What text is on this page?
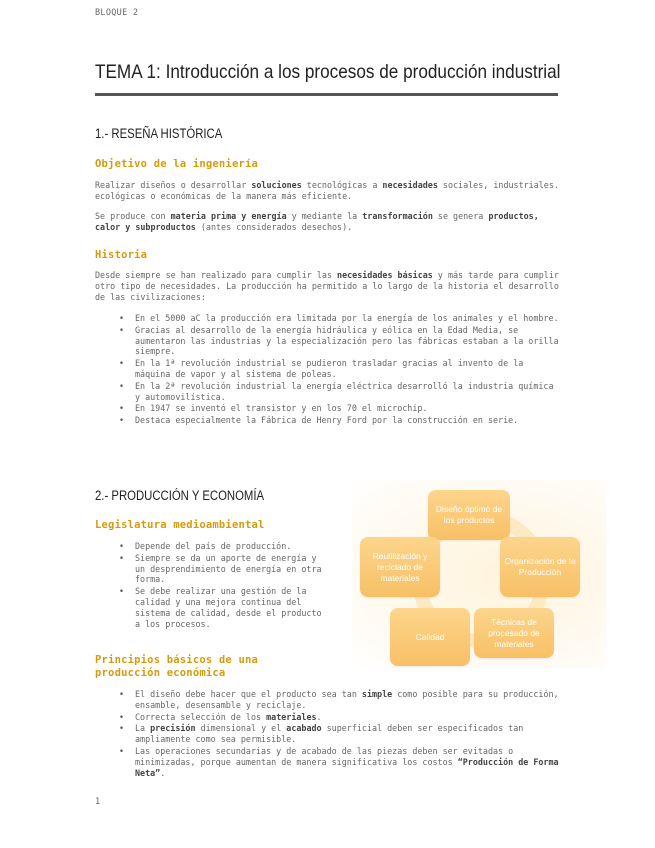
BLOQUE 2
TEMA 1: Introducción a los procesos de producción industrial
1.- RESEÑA HISTÓRICA
Objetivo de la ingeniería
Realizar diseños o desarrollar soluciones tecnológicas a necesidades sociales, industriales. ecológicas o económicas de la manera más eficiente.
Se produce con materia prima y energía y mediante la transformación se genera productos, calor y subproductos (antes considerados desechos).
Historia
Desde siempre se han realizado para cumplir las necesidades básicas y más tarde para cumplir otro tipo de necesidades. La producción ha permitido a lo largo de la historia el desarrollo de las civilizaciones:
• En el 5000 aC la producción era limitada por la energía de los animales y el hombre.
• Gracias al desarrollo de la energía hidráulica y eólica en la Edad Media, se aumentaron las industrias y la especialización pero las fábricas estaban a la orilla siempre.
• En la 1ª revolución industrial se pudieron trasladar gracias al invento de la máquina de vapor y al sistema de poleas.
• En la 2ª revolución industrial la energía eléctrica desarrolló la industria química y automovilística.
• En 1947 se inventó el transistor y en los 70 el microchip.
• Destaca especialmente la Fábrica de Henry Ford por la construcción en serie.
2.- PRODUCCIÓN Y ECONOMÍA
Legislatura medioambiental
• Depende del país de producción.
• Siempre se da un aporte de energía y un desprendimiento de energía en otra forma.
• Se debe realizar una gestión de la calidad y una mejora continua del sistema de calidad, desde el producto a los procesos.
Principios básicos de una
producción económica
• El diseño debe hacer que el producto sea tan simple como posible para su producción, ensamble, desensamble y reciclaje.
• Correcta selección de los materiales.
• La precisión dimensional y el acabado superficial deben ser especificados tan ampliamente como sea permisible.
• Las operaciones secundarias y de acabado de las piezas deben ser evitadas o minimizadas, porque aumentan de manera significativa los costos “Producción de Forma Neta”.
Diseño óptimo de los productos
Organización de la Producción
Técnicas de procesado de materiales
Calidad
Reutilización y reciclado de materiales
1
